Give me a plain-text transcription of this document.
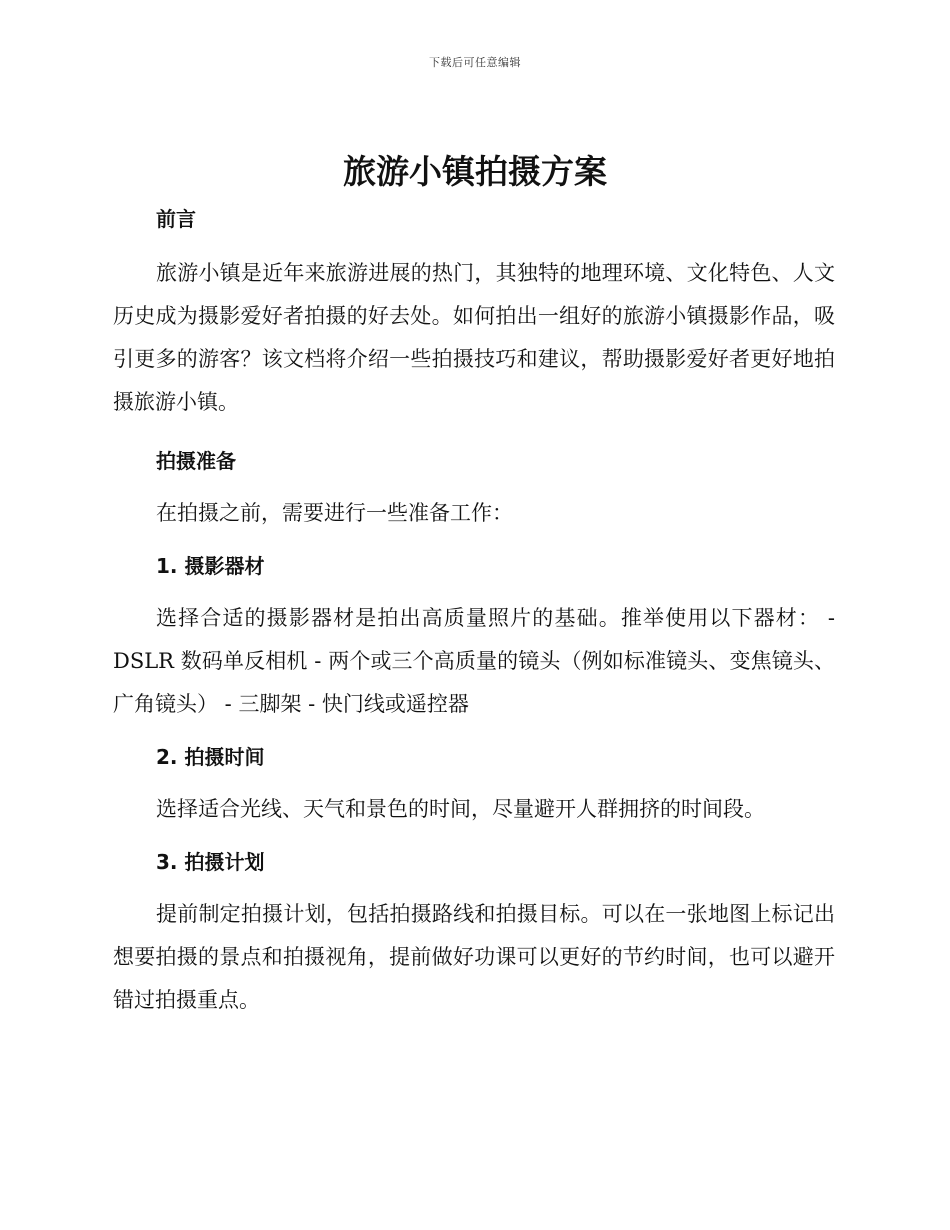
下载后可任意编辑
旅游小镇拍摄方案
前言

旅游小镇是近年来旅游进展的热门，其独特的地理环境、文化特色、人文历史成为摄影爱好者拍摄的好去处。如何拍出一组好的旅游小镇摄影作品，吸引更多的游客？该文档将介绍一些拍摄技巧和建议，帮助摄影爱好者更好地拍摄旅游小镇。

拍摄准备

在拍摄之前，需要进行一些准备工作：

1. 摄影器材

选择合适的摄影器材是拍出高质量照片的基础。推举使用以下器材： - DSLR 数码单反相机 - 两个或三个高质量的镜头（例如标准镜头、变焦镜头、广角镜头） - 三脚架 - 快门线或遥控器

2. 拍摄时间

选择适合光线、天气和景色的时间，尽量避开人群拥挤的时间段。

3. 拍摄计划

提前制定拍摄计划，包括拍摄路线和拍摄目标。可以在一张地图上标记出想要拍摄的景点和拍摄视角，提前做好功课可以更好的节约时间，也可以避开错过拍摄重点。
